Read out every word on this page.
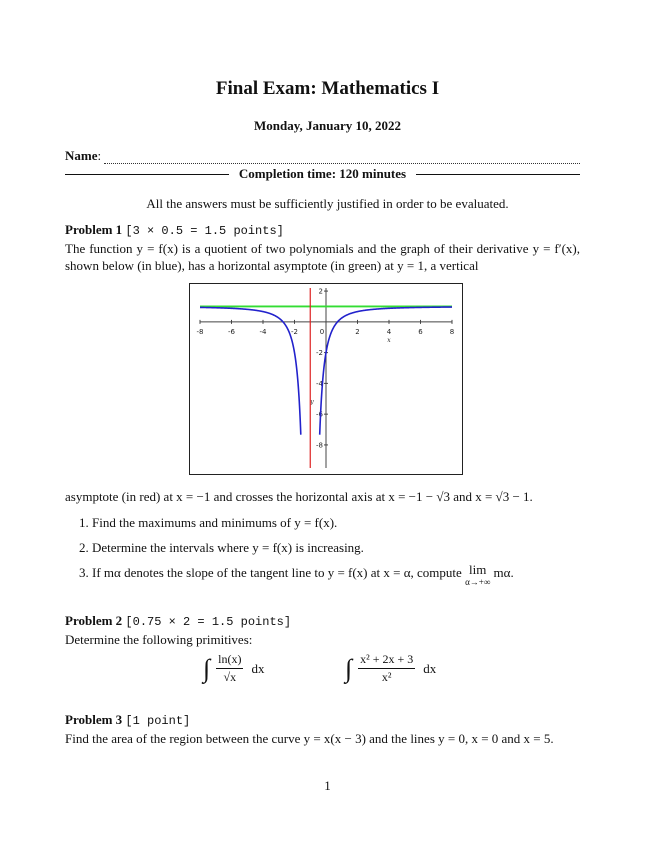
Final Exam: Mathematics I
Monday, January 10, 2022
Name :
Completion time: 120 minutes
All the answers must be sufficiently justified in order to be evaluated.
Problem 1 [3 × 0.5 = 1.5 points]
The function y = f(x) is a quotient of two polynomials and the graph of their derivative y = f′(x), shown below (in blue), has a horizontal asymptote (in green) at y = 1, a vertical
-8	-6	-4	-2	0	2	4	6	8
2
-2
-4
-6
-8
x
y
asymptote (in red) at x = −1 and crosses the horizontal axis at x = −1 − √3 and x = √3 − 1.
1. Find the maximums and minimums of y = f(x).
2. Determine the intervals where y = f(x) is increasing.
3. If mα denotes the slope of the tangent line to y = f(x) at x = α, compute lim
α→+∞
mα.
Problem 2 [0.75 × 2 = 1.5 points]
Determine the following primitives:
∫ $\frac{\ln(x)}{√x}$ dx	∫ $\frac{\text{x² + 2x + 3}}{\text{x²}}$ dx
Problem 3 [1 point]
Find the area of the region between the curve y = x(x − 3) and the lines y = 0, x = 0 and x = 5.
1
